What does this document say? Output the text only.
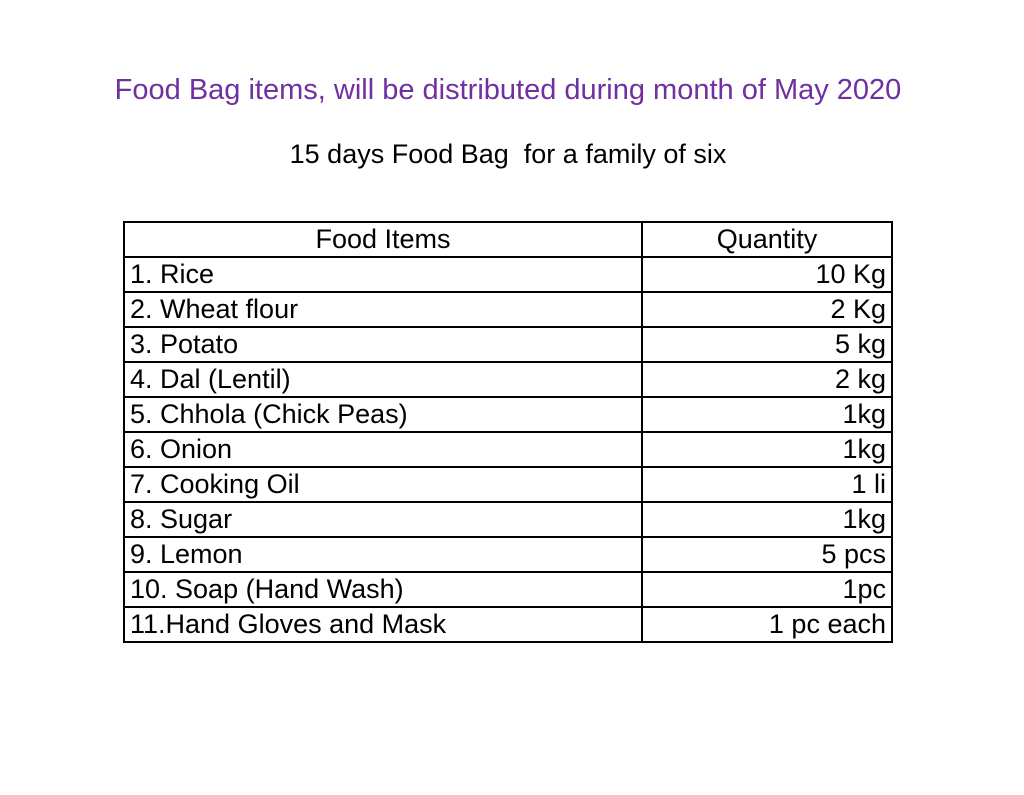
Food Bag items, will be distributed during month of May 2020
15 days Food Bag  for a family of six
Food Items	Quantity
1. Rice	10 Kg
2. Wheat flour	2 Kg
3. Potato	5 kg
4. Dal (Lentil)	2 kg
5. Chhola (Chick Peas)	1kg
6. Onion	1kg
7. Cooking Oil	1 li
8. Sugar	1kg
9. Lemon	5 pcs
10. Soap (Hand Wash)	1pc
11.Hand Gloves and Mask	1 pc each
